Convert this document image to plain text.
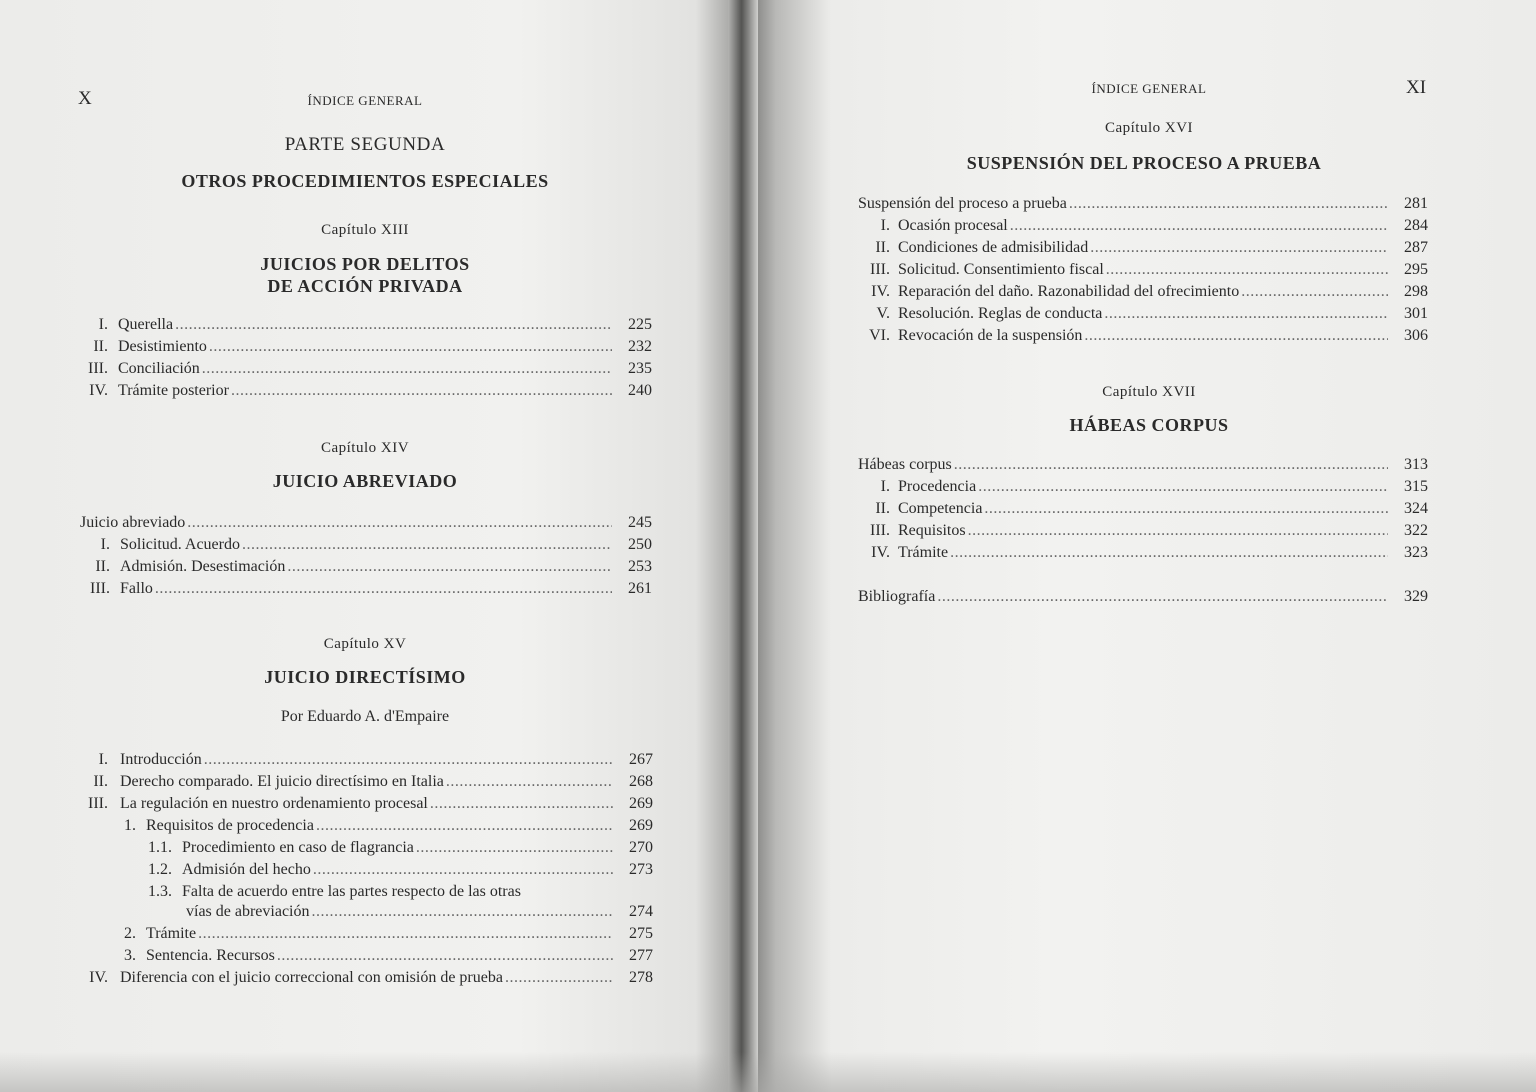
X	ÍNDICE GENERAL
PARTE SEGUNDA
OTROS PROCEDIMIENTOS ESPECIALES
Capítulo XIII
JUICIOS POR DELITOS
DE ACCIÓN PRIVADA
I. Querella .....	225
II. Desistimiento .....	232
III. Conciliación .....	235
IV. Trámite posterior .....	240
Capítulo XIV
JUICIO ABREVIADO
Juicio abreviado .....	245
I. Solicitud. Acuerdo .....	250
II. Admisión. Desestimación .....	253
III. Fallo .....	261
Capítulo XV
JUICIO DIRECTÍSIMO
Por Eduardo A. d'Empaire
I. Introducción .....	267
II. Derecho comparado. El juicio directísimo en Italia .....	268
III. La regulación en nuestro ordenamiento procesal .....	269
1. Requisitos de procedencia .....	269
1.1. Procedimiento en caso de flagrancia .....	270
1.2. Admisión del hecho .....	273
1.3. Falta de acuerdo entre las partes respecto de las otras
vías de abreviación .....	274
2. Trámite .....	275
3. Sentencia. Recursos .....	277
IV. Diferencia con el juicio correccional con omisión de prueba .....	278
ÍNDICE GENERAL	XI
Capítulo XVI
SUSPENSIÓN DEL PROCESO A PRUEBA
Suspensión del proceso a prueba .....	281
I. Ocasión procesal .....	284
II. Condiciones de admisibilidad .....	287
III. Solicitud. Consentimiento fiscal .....	295
IV. Reparación del daño. Razonabilidad del ofrecimiento .....	298
V. Resolución. Reglas de conducta .....	301
VI. Revocación de la suspensión .....	306
Capítulo XVII
HÁBEAS CORPUS
Hábeas corpus .....	313
I. Procedencia .....	315
II. Competencia .....	324
III. Requisitos .....	322
IV. Trámite .....	323
Bibliografía .....	329
